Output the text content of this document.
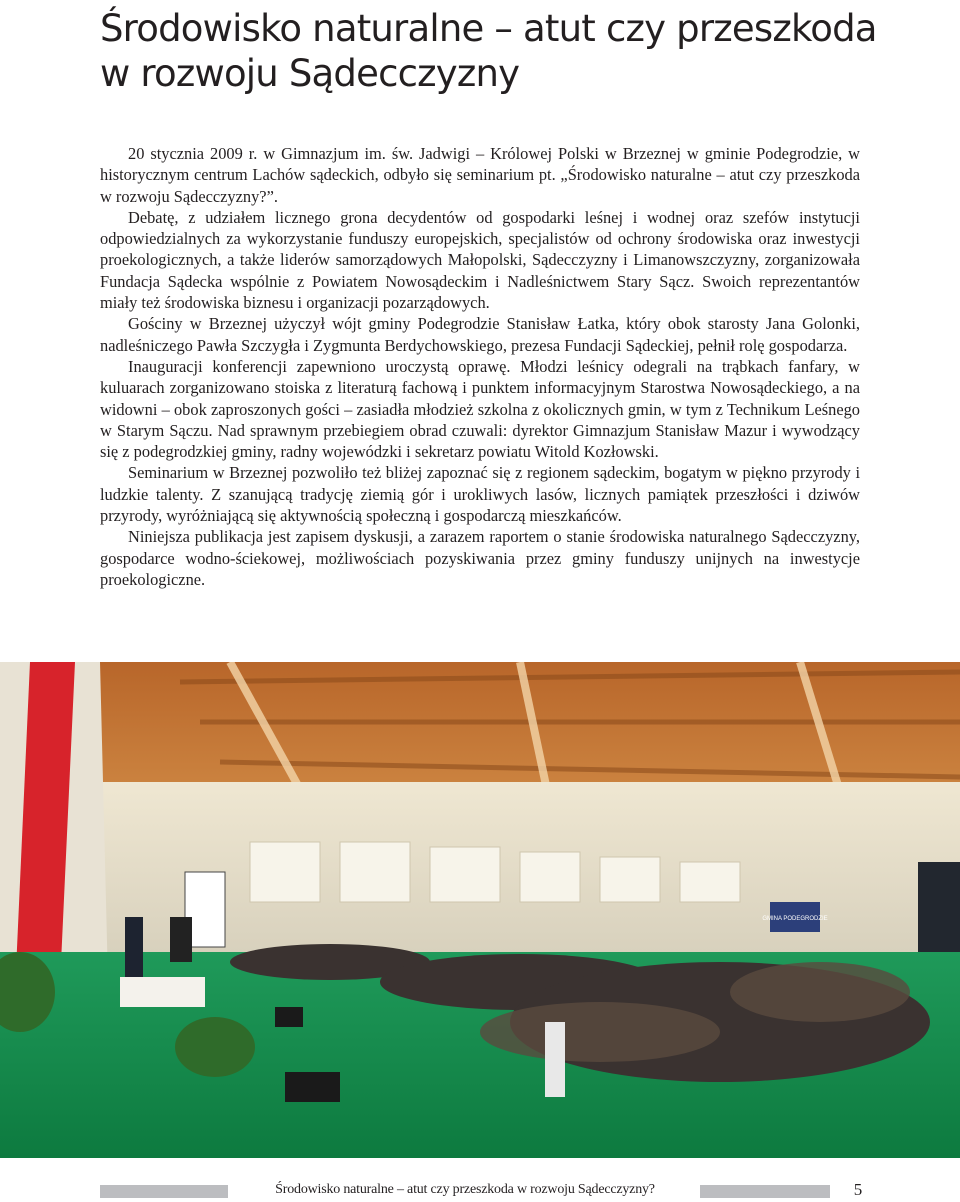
Środowisko naturalne – atut czy przeszkoda
w rozwoju Sądecczyzny

20 stycznia 2009 r. w Gimnazjum im. św. Jadwigi – Królowej Polski w Brzeznej w gminie Podegrodzie, w historycznym centrum Lachów sądeckich, odbyło się seminarium pt. „Środowisko naturalne – atut czy przeszkoda w rozwoju Sądecczyzny?”.

Debatę, z udziałem licznego grona decydentów od gospodarki leśnej i wodnej oraz szefów instytucji odpowiedzialnych za wykorzystanie funduszy europejskich, specjalistów od ochrony środowiska oraz inwestycji proekologicznych, a także liderów samorządowych Małopolski, Sądecczyzny i Limanowszczyzny, zorganizowała Fundacja Sądecka wspólnie z Powiatem Nowosądeckim i Nadleśnictwem Stary Sącz. Swoich reprezentantów miały też środowiska biznesu i organizacji pozarządowych.

Gościny w Brzeznej użyczył wójt gminy Podegrodzie Stanisław Łatka, który obok starosty Jana Golonki, nadleśniczego Pawła Szczygła i Zygmunta Berdychowskiego, prezesa Fundacji Sądeckiej, pełnił rolę gospodarza.

Inauguracji konferencji zapewniono uroczystą oprawę. Młodzi leśnicy odegrali na trąbkach fanfary, w kuluarach zorganizowano stoiska z literaturą fachową i punktem informacyjnym Starostwa Nowosądeckiego, a na widowni – obok zaproszonych gości – zasiadła młodzież szkolna z okolicznych gmin, w tym z Technikum Leśnego w Starym Sączu. Nad sprawnym przebiegiem obrad czuwali: dyrektor Gimnazjum Stanisław Mazur i wywodzący się z podegrodzkiej gminy, radny wojewódzki i sekretarz powiatu Witold Kozłowski.

Seminarium w Brzeznej pozwoliło też bliżej zapoznać się z regionem sądeckim, bogatym w piękno przyrody i ludzkie talenty. Z szanującą tradycję ziemią gór i urokliwych lasów, licznych pamiątek przeszłości i dziwów przyrody, wyróżniającą się aktywnością społeczną i gospodarczą mieszkańców.

Niniejsza publikacja jest zapisem dyskusji, a zarazem raportem o stanie środowiska naturalnego Sądecczyzny, gospodarce wodno-ściekowej, możliwościach pozyskiwania przez gminy funduszy unijnych na inwestycje proekologiczne.

GMINA PODEGRODZIE
Środowisko naturalne – atut czy przeszkoda w rozwoju Sądecczyzny?	5
